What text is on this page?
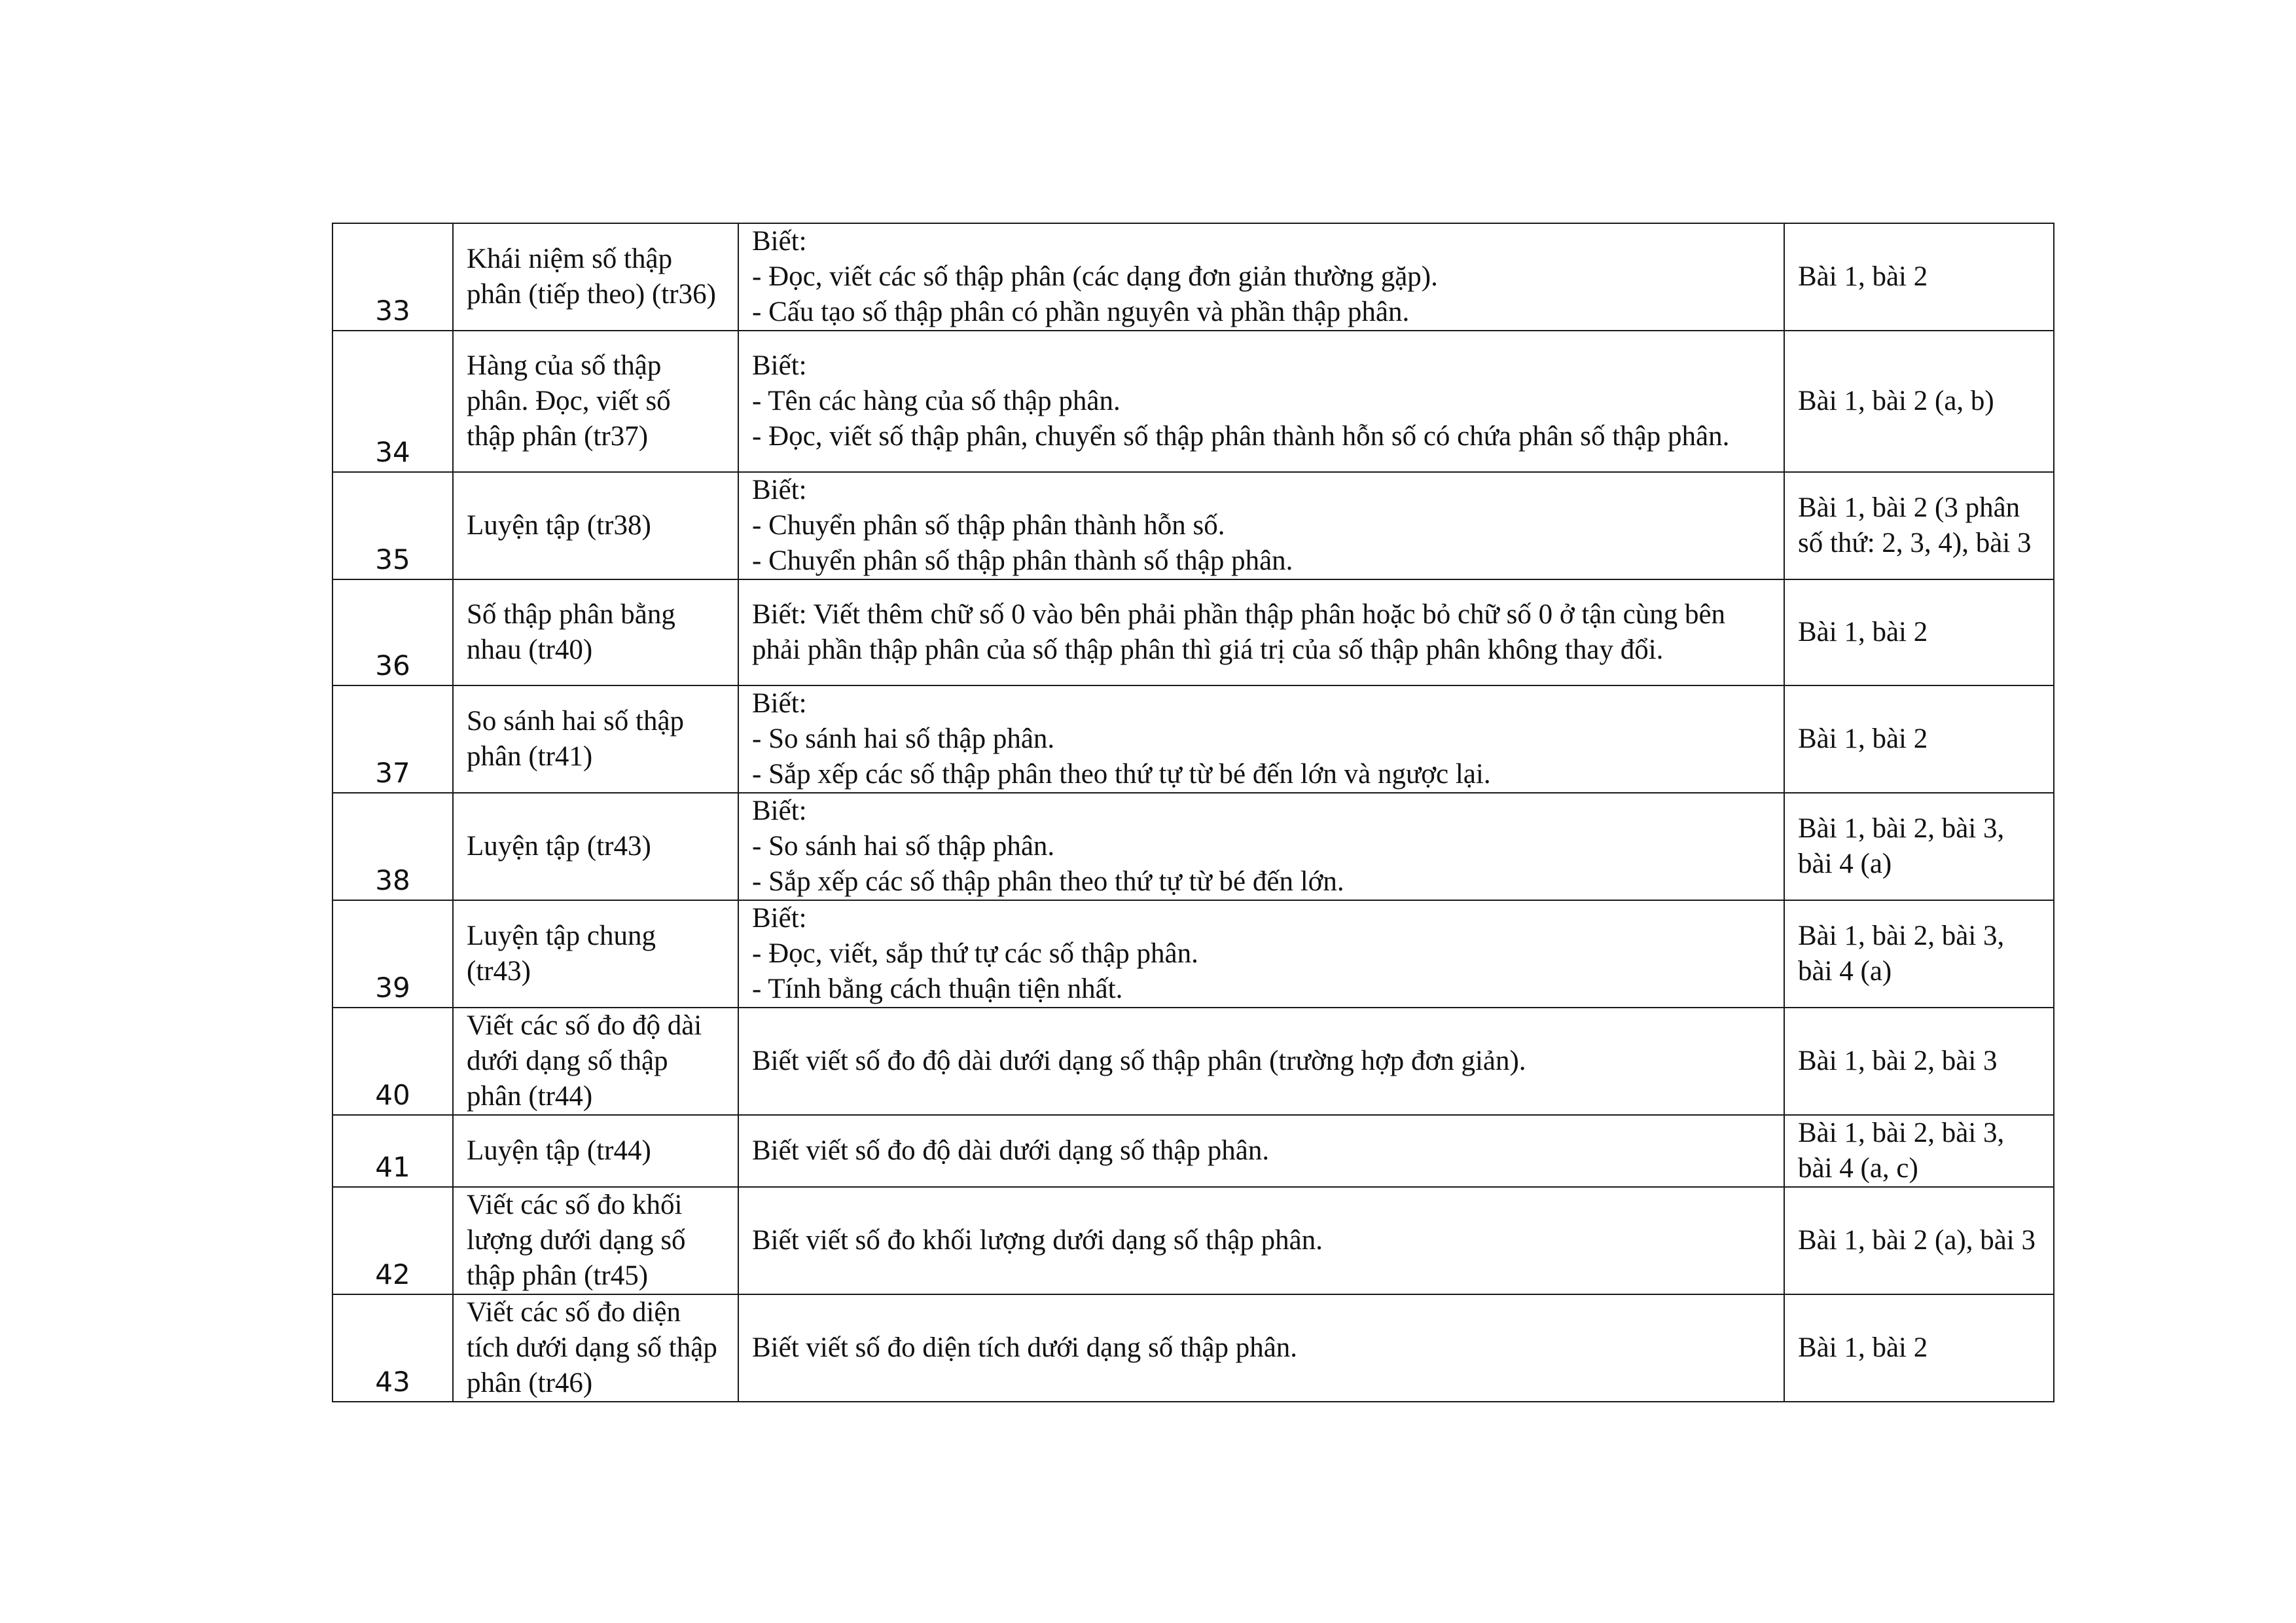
33	Khái niệm số thập phân (tiếp theo) (tr36)	Biết:
- Đọc, viết các số thập phân (các dạng đơn giản thường gặp).
- Cấu tạo số thập phân có phần nguyên và phần thập phân.	Bài 1, bài 2
34	Hàng của số thập phân. Đọc, viết số thập phân (tr37)	Biết:
- Tên các hàng của số thập phân.
- Đọc, viết số thập phân, chuyển số thập phân thành hỗn số có chứa phân số thập phân.	Bài 1, bài 2 (a, b)
35	Luyện tập (tr38)	Biết:
- Chuyển phân số thập phân thành hỗn số.
- Chuyển phân số thập phân thành số thập phân.	Bài 1, bài 2 (3 phân số thứ: 2, 3, 4), bài 3
36	Số thập phân bằng nhau (tr40)	Biết: Viết thêm chữ số 0 vào bên phải phần thập phân hoặc bỏ chữ số 0 ở tận cùng bên phải phần thập phân của số thập phân thì giá trị của số thập phân không thay đổi.	Bài 1, bài 2
37	So sánh hai số thập phân (tr41)	Biết:
- So sánh hai số thập phân.
- Sắp xếp các số thập phân theo thứ tự từ bé đến lớn và ngược lại.	Bài 1, bài 2
38	Luyện tập (tr43)	Biết:
- So sánh hai số thập phân.
- Sắp xếp các số thập phân theo thứ tự từ bé đến lớn.	Bài 1, bài 2, bài 3, bài 4 (a)
39	Luyện tập chung (tr43)	Biết:
- Đọc, viết, sắp thứ tự các số thập phân.
- Tính bằng cách thuận tiện nhất.	Bài 1, bài 2, bài 3, bài 4 (a)
40	Viết các số đo độ dài dưới dạng số thập phân (tr44)	Biết viết số đo độ dài dưới dạng số thập phân (trường hợp đơn giản).	Bài 1, bài 2, bài 3
41	Luyện tập (tr44)	Biết viết số đo độ dài dưới dạng số thập phân.	Bài 1, bài 2, bài 3, bài 4 (a, c)
42	Viết các số đo khối lượng dưới dạng số thập phân (tr45)	Biết viết số đo khối lượng dưới dạng số thập phân.	Bài 1, bài 2 (a), bài 3
43	Viết các số đo diện tích dưới dạng số thập phân (tr46)	Biết viết số đo diện tích dưới dạng số thập phân.	Bài 1, bài 2
